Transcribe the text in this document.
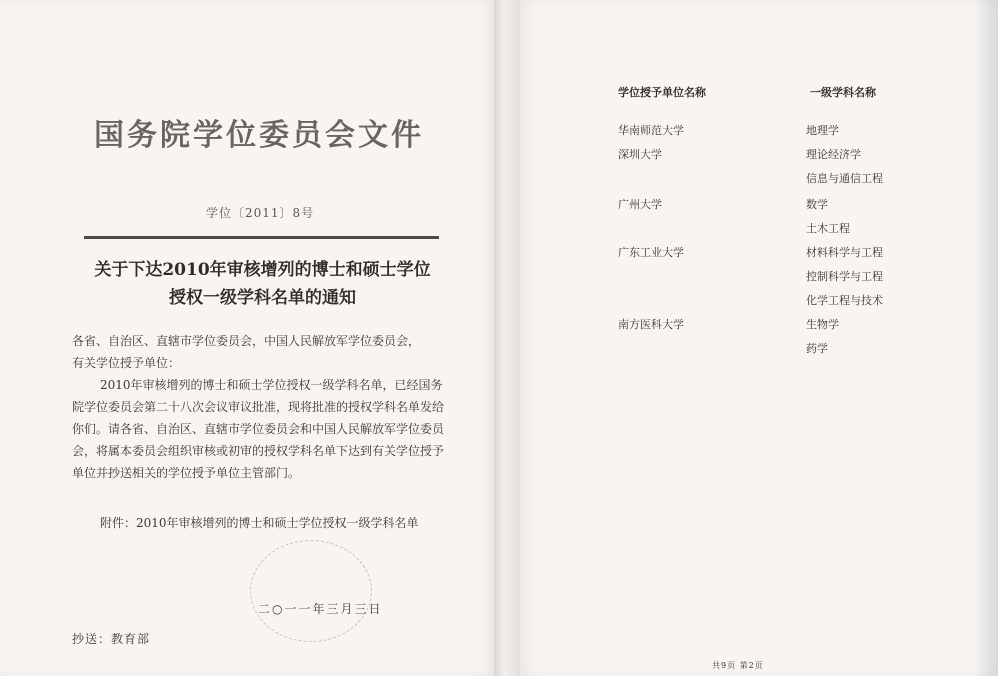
国务院学位委员会文件
学位〔2011〕8号
关于下达2010年审核增列的博士和硕士学位
授权一级学科名单的通知
各省、自治区、直辖市学位委员会，中国人民解放军学位委员会，
有关学位授予单位：
2010年审核增列的博士和硕士学位授权一级学科名单，已经国务院学位委员会第二十八次会议审议批准，现将批准的授权学科名单发给你们。请各省、自治区、直辖市学位委员会和中国人民解放军学位委员会，将属本委员会组织审核或初审的授权学科名单下达到有关学位授予单位并抄送相关的学位授予单位主管部门。
附件：2010年审核增列的博士和硕士学位授权一级学科名单
二○一一年三月三日
抄送：教育部
学位授予单位名称	一级学科名称
华南师范大学	地理学
深圳大学	理论经济学
信息与通信工程
广州大学	数学
土木工程
广东工业大学	材料科学与工程
控制科学与工程
化学工程与技术
南方医科大学	生物学
药学
共9页 第2页
